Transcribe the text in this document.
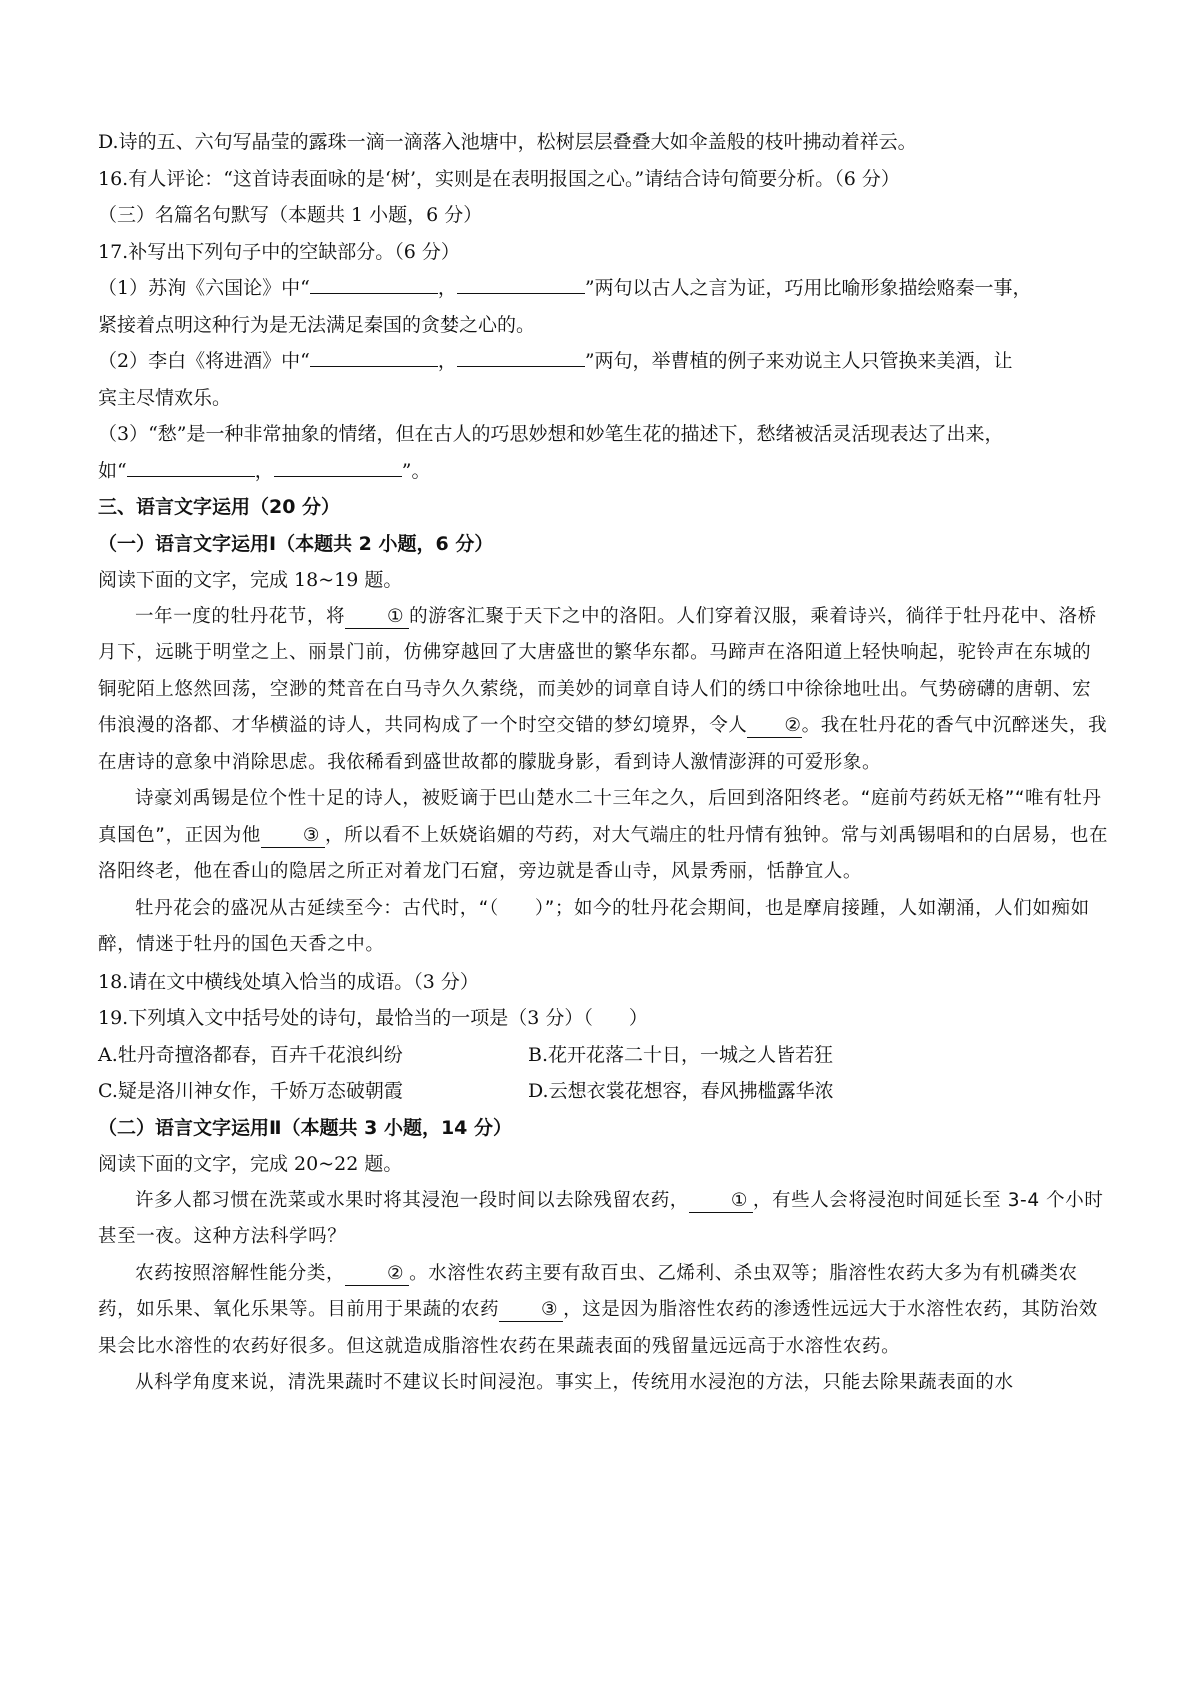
D.诗的五、六句写晶莹的露珠一滴一滴落入池塘中，松树层层叠叠大如伞盖般的枝叶拂动着祥云。

16.有人评论：“这首诗表面咏的是‘树’，实则是在表明报国之心。”请结合诗句简要分析。（6 分）

（三）名篇名句默写（本题共 1 小题，6 分）

17.补写出下列句子中的空缺部分。（6 分）

（1）苏洵《六国论》中“	，	”两句以古人之言为证，巧用比喻形象描绘赂秦一事，

紧接着点明这种行为是无法满足秦国的贪婪之心的。

（2）李白《将进酒》中“	，	”两句，举曹植的例子来劝说主人只管换来美酒，让

宾主尽情欢乐。

（3）“愁”是一种非常抽象的情绪，但在古人的巧思妙想和妙笔生花的描述下，愁绪被活灵活现表达了出来，

如“	，	”。

三、语言文字运用（20 分）

（一）语言文字运用Ⅰ（本题共 2 小题，6 分）

阅读下面的文字，完成 18~19 题。

一年一度的牡丹花节，将 ① 的游客汇聚于天下之中的洛阳。人们穿着汉服，乘着诗兴，徜徉于牡丹花中、洛桥月下，远眺于明堂之上、丽景门前，仿佛穿越回了大唐盛世的繁华东都。马蹄声在洛阳道上轻快响起，驼铃声在东城的铜驼陌上悠然回荡，空渺的梵音在白马寺久久萦绕，而美妙的词章自诗人们的绣口中徐徐地吐出。气势磅礴的唐朝、宏伟浪漫的洛都、才华横溢的诗人，共同构成了一个时空交错的梦幻境界，令人 ②。我在牡丹花的香气中沉醉迷失，我在唐诗的意象中消除思虑。我依稀看到盛世故都的朦胧身影，看到诗人激情澎湃的可爱形象。

诗豪刘禹锡是位个性十足的诗人，被贬谪于巴山楚水二十三年之久，后回到洛阳终老。“庭前芍药妖无格”“唯有牡丹真国色”，正因为他 ③ ，所以看不上妖娆谄媚的芍药，对大气端庄的牡丹情有独钟。常与刘禹锡唱和的白居易，也在洛阳终老，他在香山的隐居之所正对着龙门石窟，旁边就是香山寺，风景秀丽，恬静宜人。

牡丹花会的盛况从古延续至今：古代时，“（ ）”；如今的牡丹花会期间，也是摩肩接踵，人如潮涌，人们如痴如醉，情迷于牡丹的国色天香之中。

18.请在文中横线处填入恰当的成语。（3 分）

19.下列填入文中括号处的诗句，最恰当的一项是（3 分）（ ）

A.牡丹奇擅洛都春，百卉千花浪纠纷	B.花开花落二十日，一城之人皆若狂

C.疑是洛川神女作，千娇万态破朝霞	D.云想衣裳花想容，春风拂槛露华浓

（二）语言文字运用Ⅱ（本题共 3 小题，14 分）

阅读下面的文字，完成 20~22 题。

许多人都习惯在洗菜或水果时将其浸泡一段时间以去除残留农药， ① ，有些人会将浸泡时间延长至 3-4 个小时甚至一夜。这种方法科学吗？

农药按照溶解性能分类， ② 。水溶性农药主要有敌百虫、乙烯利、杀虫双等；脂溶性农药大多为有机磷类农药，如乐果、氧化乐果等。目前用于果蔬的农药 ③ ，这是因为脂溶性农药的渗透性远远大于水溶性农药，其防治效果会比水溶性的农药好很多。但这就造成脂溶性农药在果蔬表面的残留量远远高于水溶性农药。

从科学角度来说，清洗果蔬时不建议长时间浸泡。事实上，传统用水浸泡的方法，只能去除果蔬表面的水
